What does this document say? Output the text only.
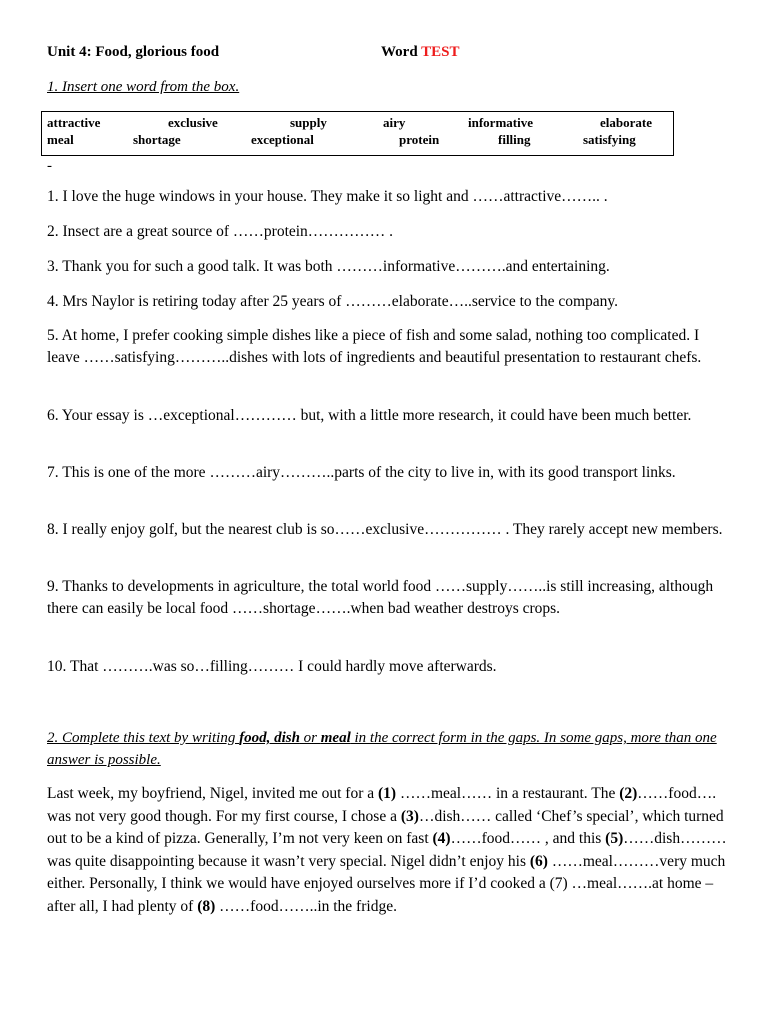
Unit 4: Food, glorious food	Word TEST
1. Insert one word from the box.
attractive	exclusive	supply	airy	informative	elaborate
meal	shortage	exceptional	protein	filling	satisfying
-
1. I love the huge windows in your house. They make it so light and ……attractive…….. .
2. Insect are a great source of ……protein…………… .
3. Thank you for such a good talk. It was both ………informative……….and entertaining.
4. Mrs Naylor is retiring today after 25 years of ………elaborate…..service to the company.
5. At home, I prefer cooking simple dishes like a piece of fish and some salad, nothing too complicated. I leave ……satisfying………..dishes with lots of ingredients and beautiful presentation to restaurant chefs.
6. Your essay is …exceptional………… but, with a little more research, it could have been much better.
7. This is one of the more ………airy………..parts of the city to live in, with its good transport links.
8. I really enjoy golf, but the nearest club is so……exclusive…………… . They rarely accept new members.
9. Thanks to developments in agriculture, the total world food ……supply……..is still increasing, although there can easily be local food ……shortage…….when bad weather destroys crops.
10. That ……….was so…filling……… I could hardly move afterwards.
2. Complete this text by writing food, dish or meal in the correct form in the gaps. In some gaps, more than one answer is possible.
Last week, my boyfriend, Nigel, invited me out for a (1) ……meal…… in a restaurant. The (2)……food…. was not very good though. For my first course, I chose a (3)…dish…… called ‘Chef’s special’, which turned out to be a kind of pizza. Generally, I’m not very keen on fast (4)……food…… , and this (5)……dish……… was quite disappointing because it wasn’t very special. Nigel didn’t enjoy his (6) ……meal………very much either. Personally, I think we would have enjoyed ourselves more if I’d cooked a (7) …meal…….at home – after all, I had plenty of (8) ……food……..in the fridge.
